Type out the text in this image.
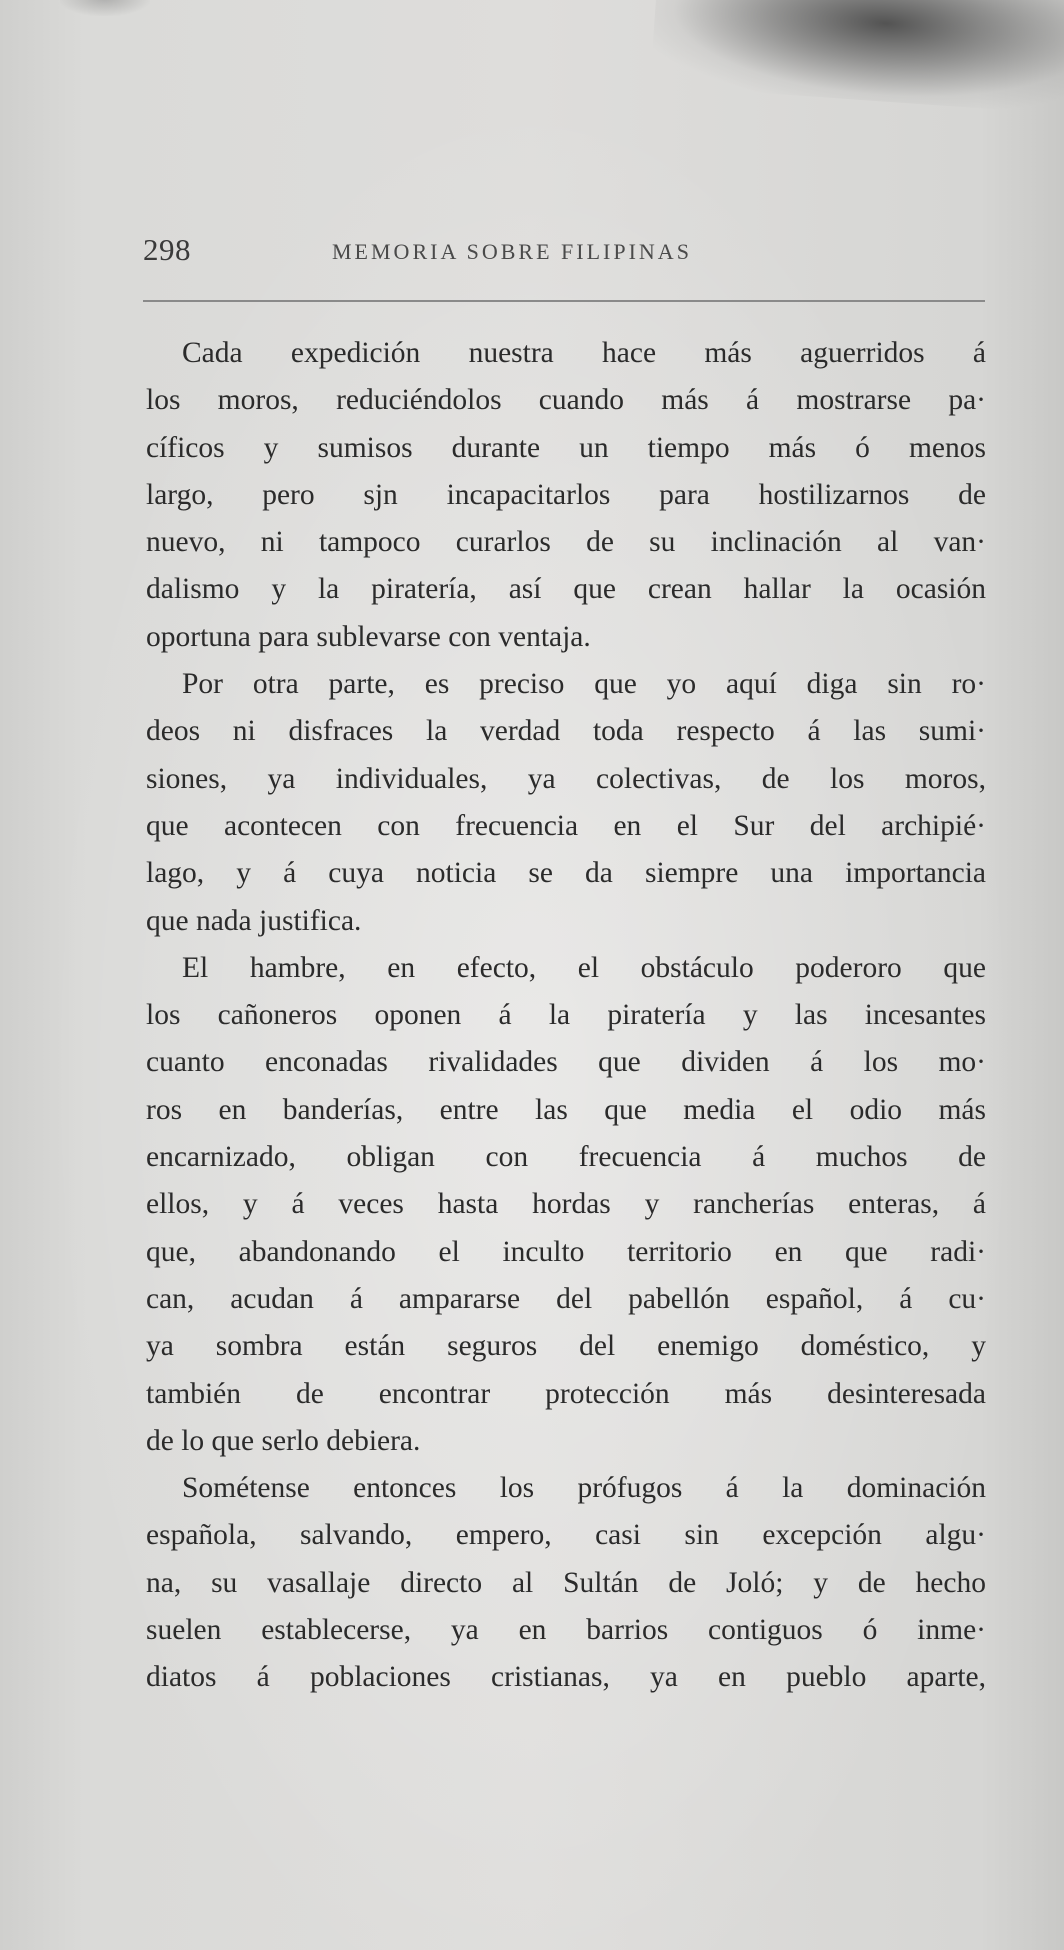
298	MEMORIA SOBRE FILIPINAS
Cada expedición nuestra hace más aguerridos á
los moros, reduciéndolos cuando más á mostrarse pa·
cíficos y sumisos durante un tiempo más ó menos
largo, pero sjn incapacitarlos para hostilizarnos de
nuevo, ni tampoco curarlos de su inclinación al van·
dalismo y la piratería, así que crean hallar la ocasión
oportuna para sublevarse con ventaja.
Por otra parte, es preciso que yo aquí diga sin ro·
deos ni disfraces la verdad toda respecto á las sumi·
siones, ya individuales, ya colectivas, de los moros,
que acontecen con frecuencia en el Sur del archipié·
lago, y á cuya noticia se da siempre una importancia
que nada justifica.
El hambre, en efecto, el obstáculo poderoro que
los cañoneros oponen á la piratería y las incesantes
cuanto enconadas rivalidades que dividen á los mo·
ros en banderías, entre las que media el odio más
encarnizado, obligan con frecuencia á muchos de
ellos, y á veces hasta hordas y rancherías enteras, á
que, abandonando el inculto territorio en que radi·
can, acudan á ampararse del pabellón español, á cu·
ya sombra están seguros del enemigo doméstico, y
también de encontrar protección más desinteresada
de lo que serlo debiera.
Sométense entonces los prófugos á la dominación
española, salvando, empero, casi sin excepción algu·
na, su vasallaje directo al Sultán de Joló; y de hecho
suelen establecerse, ya en barrios contiguos ó inme·
diatos á poblaciones cristianas, ya en pueblo aparte,
